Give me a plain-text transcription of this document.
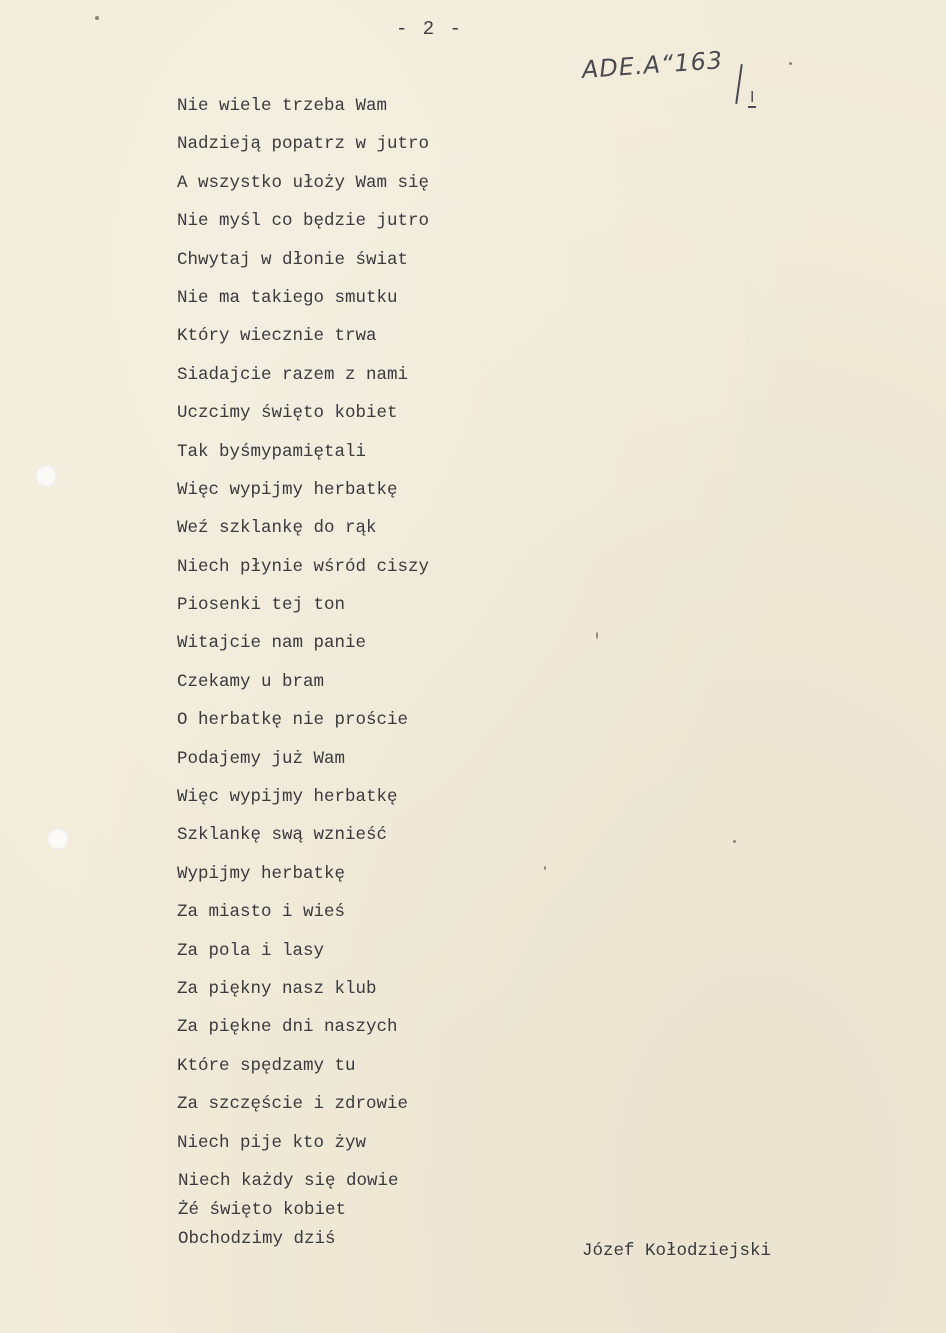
- 2 -
ADE.A“163
I
Nie wiele trzeba Wam
Nadzieją popatrz w jutro
A wszystko ułoży Wam się
Nie myśl co będzie jutro
Chwytaj w dłonie świat
Nie ma takiego smutku
Który wiecznie trwa
Siadajcie razem z nami
Uczcimy święto kobiet
Tak byśmypamiętali
Więc wypijmy herbatkę
Weź szklankę do rąk
Niech płynie wśród ciszy
Piosenki tej ton
Witajcie nam panie
Czekamy u bram
O herbatkę nie proście
Podajemy już Wam
Więc wypijmy herbatkę
Szklankę swą wznieść
Wypijmy herbatkę
Za miasto i wieś
Za pola i lasy
Za piękny nasz klub
Za piękne dni naszych
Które spędzamy tu
Za szczęście i zdrowie
Niech pije kto żyw
Niech każdy się dowie
Żé święto kobiet
Obchodzimy dziś
Józef Kołodziejski
